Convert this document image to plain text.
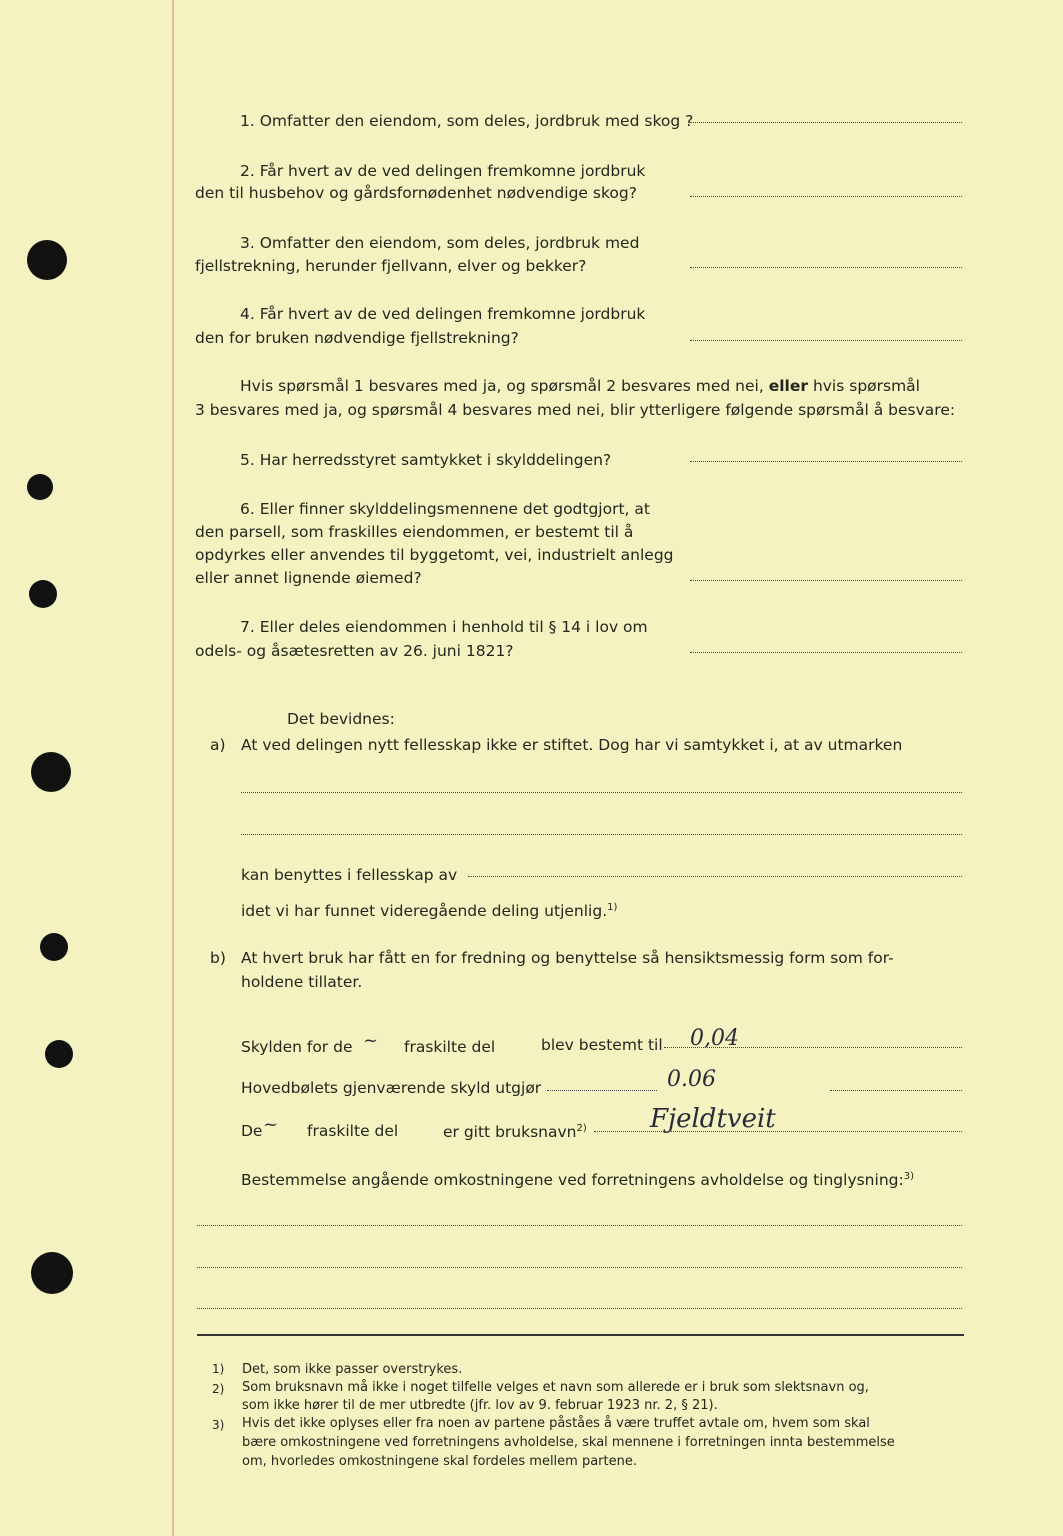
1. Omfatter den eiendom, som deles, jordbruk med skog ?
2. Får hvert av de ved delingen fremkomne jordbruk
den til husbehov og gårdsfornødenhet nødvendige skog?
3. Omfatter den eiendom, som deles, jordbruk med
fjellstrekning, herunder fjellvann, elver og bekker?
4. Får hvert av de ved delingen fremkomne jordbruk
den for bruken nødvendige fjellstrekning?
Hvis spørsmål 1 besvares med ja, og spørsmål 2 besvares med nei, eller hvis spørsmål
3 besvares med ja, og spørsmål 4 besvares med nei, blir ytterligere følgende spørsmål å besvare:
5. Har herredsstyret samtykket i skylddelingen?
6. Eller finner skylddelingsmennene det godtgjort, at
den parsell, som fraskilles eiendommen, er bestemt til å
opdyrkes eller anvendes til byggetomt, vei, industrielt anlegg
eller annet lignende øiemed?
7. Eller deles eiendommen i henhold til § 14 i lov om
odels- og åsætesretten av 26. juni 1821?
Det bevidnes:
a) At ved delingen nytt fellesskap ikke er stiftet. Dog har vi samtykket i, at av utmarken
kan benyttes i fellesskap av
idet vi har funnet videregående deling utjenlig.$^{1)}$
b) At hvert bruk har fått en for fredning og benyttelse så hensiktsmessig form som for-
holdene tillater.
Skylden for de ~ fraskilte del	blev bestemt til 0,04
Hovedbølets gjenværende skyld utgjør	0.06
De ~ fraskilte del	er gitt bruksnavn$^{2)}$ Fjeldtveit
Bestemmelse angående omkostningene ved forretningens avholdelse og tinglysning:$^{3)}$
1) Det, som ikke passer overstrykes.
2) Som bruksnavn må ikke i noget tilfelle velges et navn som allerede er i bruk som slektsnavn og,
som ikke hører til de mer utbredte (jfr. lov av 9. februar 1923 nr. 2, § 21).
3) Hvis det ikke oplyses eller fra noen av partene påståes å være truffet avtale om, hvem som skal
bære omkostningene ved forretningens avholdelse, skal mennene i forretningen innta bestemmelse
om, hvorledes omkostningene skal fordeles mellem partene.
